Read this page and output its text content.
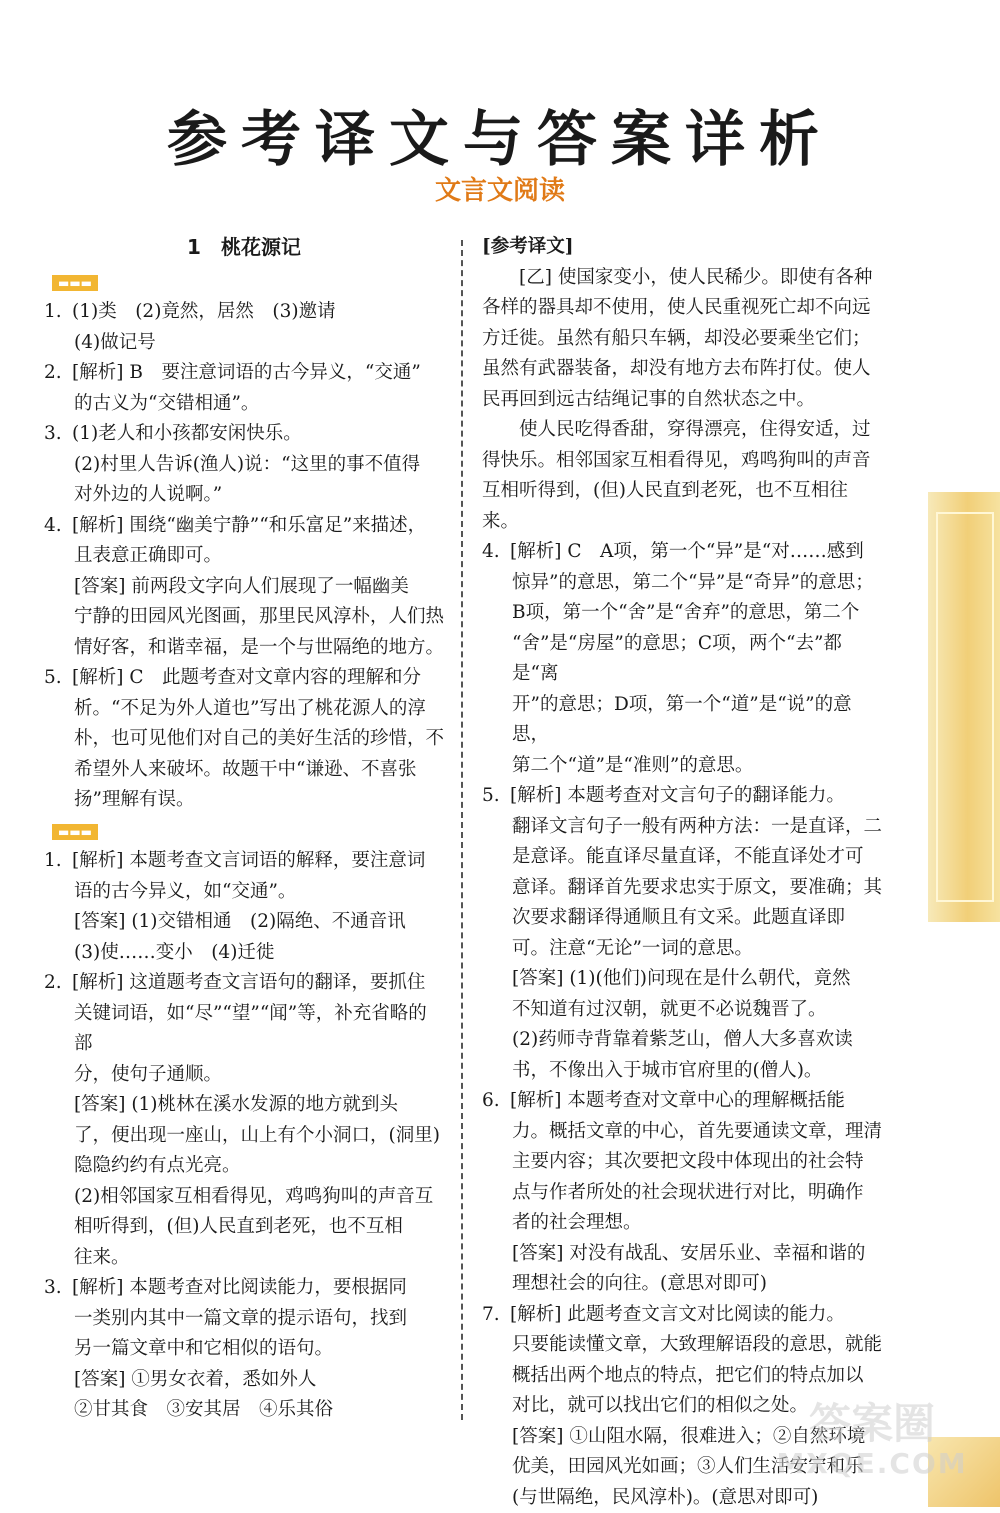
参考译文与答案详析
文言文阅读
1　桃花源记
▬▬▬
1. (1)类　(2)竟然，居然　(3)邀请
(4)做记号
2. [解析] B　要注意词语的古今异义，“交通”
的古义为“交错相通”。
3. (1)老人和小孩都安闲快乐。
(2)村里人告诉(渔人)说：“这里的事不值得
对外边的人说啊。”
4. [解析] 围绕“幽美宁静”“和乐富足”来描述，
且表意正确即可。
[答案] 前两段文字向人们展现了一幅幽美
宁静的田园风光图画，那里民风淳朴，人们热
情好客，和谐幸福，是一个与世隔绝的地方。
5. [解析] C　此题考查对文章内容的理解和分
析。“不足为外人道也”写出了桃花源人的淳
朴，也可见他们对自己的美好生活的珍惜，不
希望外人来破坏。故题干中“谦逊、不喜张
扬”理解有误。
▬▬▬
1. [解析] 本题考查文言词语的解释，要注意词
语的古今异义，如“交通”。
[答案] (1)交错相通　(2)隔绝、不通音讯
(3)使……变小　(4)迁徙
2. [解析] 这道题考查文言语句的翻译，要抓住
关键词语，如“尽”“望”“闻”等，补充省略的部
分，使句子通顺。
[答案] (1)桃林在溪水发源的地方就到头
了，便出现一座山，山上有个小洞口，(洞里)
隐隐约约有点光亮。
(2)相邻国家互相看得见，鸡鸣狗叫的声音互
相听得到，(但)人民直到老死，也不互相
往来。
3. [解析] 本题考查对比阅读能力，要根据同
一类别内其中一篇文章的提示语句，找到
另一篇文章中和它相似的语句。
[答案] ①男女衣着，悉如外人
②甘其食　③安其居　④乐其俗
[参考译文]

[乙] 使国家变小，使人民稀少。即使有各种各样的器具却不使用，使人民重视死亡却不向远方迁徙。虽然有船只车辆，却没必要乘坐它们；虽然有武器装备，却没有地方去布阵打仗。使人民再回到远古结绳记事的自然状态之中。

使人民吃得香甜，穿得漂亮，住得安适，过得快乐。相邻国家互相看得见，鸡鸣狗叫的声音互相听得到，(但)人民直到老死，也不互相往来。

4. [解析] C　A项，第一个“异”是“对……感到
惊异”的意思，第二个“异”是“奇异”的意思；
B项，第一个“舍”是“舍弃”的意思，第二个
“舍”是“房屋”的意思；C项，两个“去”都是“离
开”的意思；D项，第一个“道”是“说”的意思，
第二个“道”是“准则”的意思。
5. [解析] 本题考查对文言句子的翻译能力。
翻译文言句子一般有两种方法：一是直译，二
是意译。能直译尽量直译，不能直译处才可
意译。翻译首先要求忠实于原文，要准确；其
次要求翻译得通顺且有文采。此题直译即
可。注意“无论”一词的意思。
[答案] (1)(他们)问现在是什么朝代，竟然
不知道有过汉朝，就更不必说魏晋了。
(2)药师寺背靠着紫芝山，僧人大多喜欢读
书，不像出入于城市官府里的(僧人)。
6. [解析] 本题考查对文章中心的理解概括能
力。概括文章的中心，首先要通读文章，理清
主要内容；其次要把文段中体现出的社会特
点与作者所处的社会现状进行对比，明确作
者的社会理想。
[答案] 对没有战乱、安居乐业、幸福和谐的
理想社会的向往。(意思对即可)
7. [解析] 此题考查文言文对比阅读的能力。
只要能读懂文章，大致理解语段的意思，就能
概括出两个地点的特点，把它们的特点加以
对比，就可以找出它们的相似之处。
[答案] ①山阻水隔，很难进入；②自然环境
优美，田园风光如画；③人们生活安宁和乐
(与世隔绝，民风淳朴)。(意思对即可)
答案圈
MXQE.COM
